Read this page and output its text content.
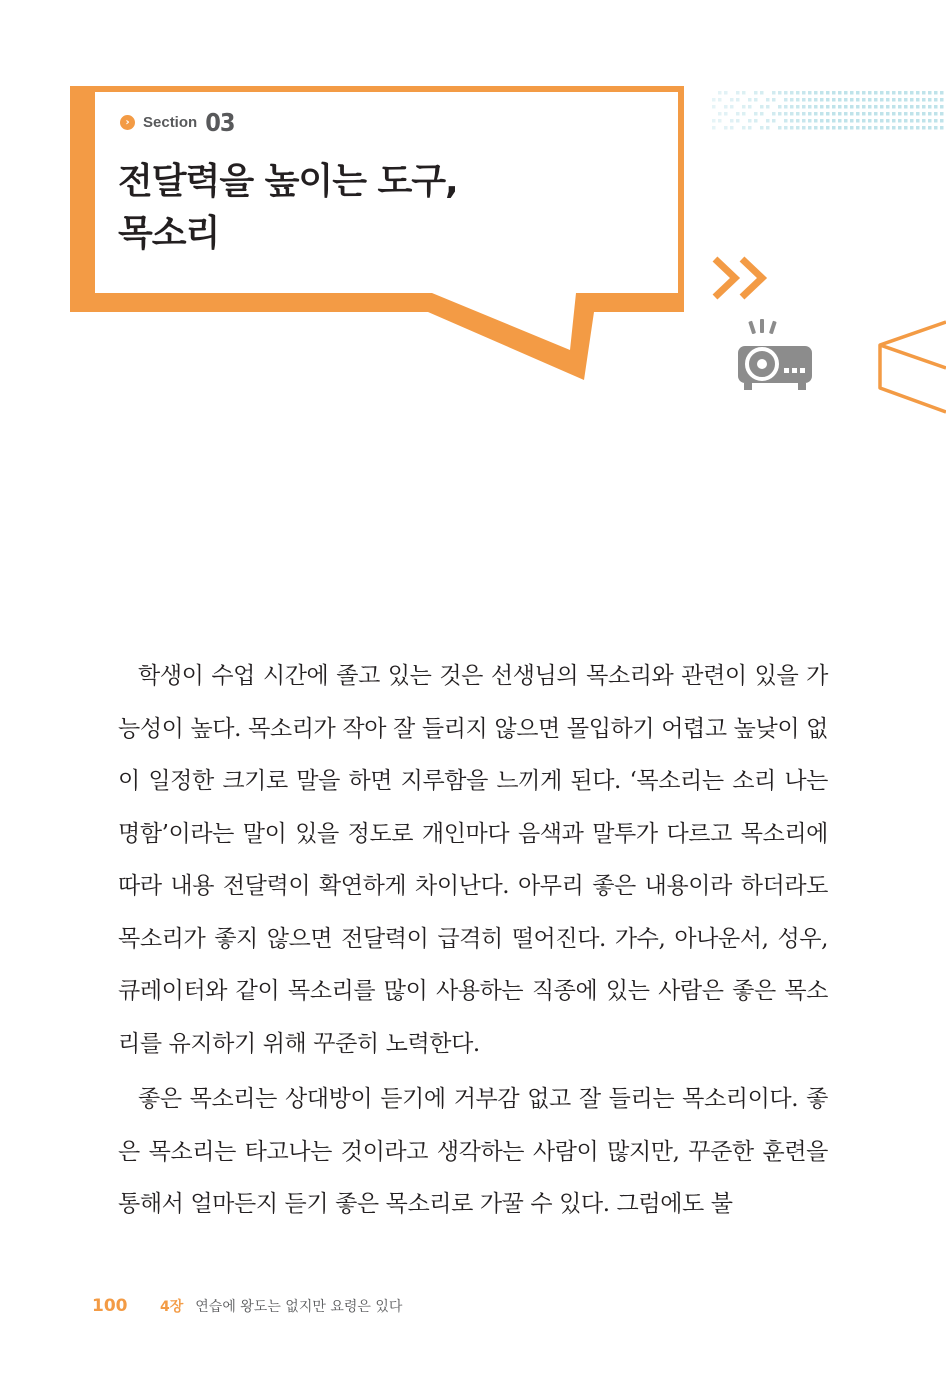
› Section 03
전달력을 높이는 도구,
목소리

학생이 수업 시간에 졸고 있는 것은 선생님의 목소리와 관련이 있을 가능성이 높다. 목소리가 작아 잘 들리지 않으면 몰입하기 어렵고 높낮이 없이 일정한 크기로 말을 하면 지루함을 느끼게 된다. ‘목소리는 소리 나는 명함’이라는 말이 있을 정도로 개인마다 음색과 말투가 다르고 목소리에 따라 내용 전달력이 확연하게 차이난다. 아무리 좋은 내용이라 하더라도 목소리가 좋지 않으면 전달력이 급격히 떨어진다. 가수, 아나운서, 성우, 큐레이터와 같이 목소리를 많이 사용하는 직종에 있는 사람은 좋은 목소리를 유지하기 위해 꾸준히 노력한다.

좋은 목소리는 상대방이 듣기에 거부감 없고 잘 들리는 목소리이다. 좋은 목소리는 타고나는 것이라고 생각하는 사람이 많지만, 꾸준한 훈련을 통해서 얼마든지 듣기 좋은 목소리로 가꿀 수 있다. 그럼에도 불

100	4장 연습에 왕도는 없지만 요령은 있다
